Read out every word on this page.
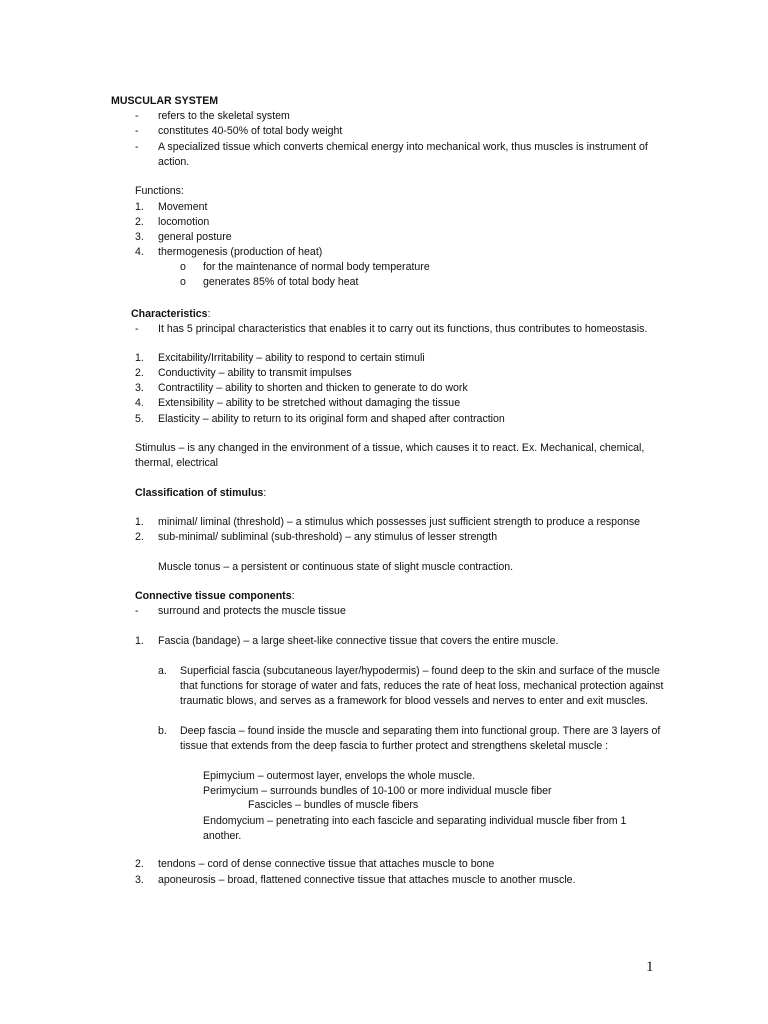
MUSCULAR SYSTEM
- refers to the skeletal system
- constitutes 40-50% of total body weight
- A specialized tissue which converts chemical energy into mechanical work, thus muscles is instrument of
action.
Functions:
1. Movement
2. locomotion
3. general posture
4. thermogenesis (production of heat)
o for the maintenance of normal body temperature
o generates 85% of total body heat
Characteristics:
- It has 5 principal characteristics that enables it to carry out its functions, thus contributes to homeostasis.
1. Excitability/Irritability – ability to respond to certain stimuli
2. Conductivity – ability to transmit impulses
3. Contractility – ability to shorten and thicken to generate to do work
4. Extensibility – ability to be stretched without damaging the tissue
5. Elasticity – ability to return to its original form and shaped after contraction
Stimulus – is any changed in the environment of a tissue, which causes it to react. Ex. Mechanical, chemical,
thermal, electrical
Classification of stimulus:
1. minimal/ liminal (threshold) – a stimulus which possesses just sufficient strength to produce a response
2. sub-minimal/ subliminal (sub-threshold) – any stimulus of lesser strength
Muscle tonus – a persistent or continuous state of slight muscle contraction.
Connective tissue components:
- surround and protects the muscle tissue
1. Fascia (bandage) – a large sheet-like connective tissue that covers the entire muscle.
a. Superficial fascia (subcutaneous layer/hypodermis) – found deep to the skin and surface of the muscle
that functions for storage of water and fats, reduces the rate of heat loss, mechanical protection against
traumatic blows, and serves as a framework for blood vessels and nerves to enter and exit muscles.
b. Deep fascia – found inside the muscle and separating them into functional group. There are 3 layers of
tissue that extends from the deep fascia to further protect and strengthens skeletal muscle :
Epimycium – outermost layer, envelops the whole muscle.
Perimycium – surrounds bundles of 10-100 or more individual muscle fiber
Fascicles – bundles of muscle fibers
Endomycium – penetrating into each fascicle and separating individual muscle fiber from 1
another.
2. tendons – cord of dense connective tissue that attaches muscle to bone
3. aponeurosis – broad, flattened connective tissue that attaches muscle to another muscle.
1
